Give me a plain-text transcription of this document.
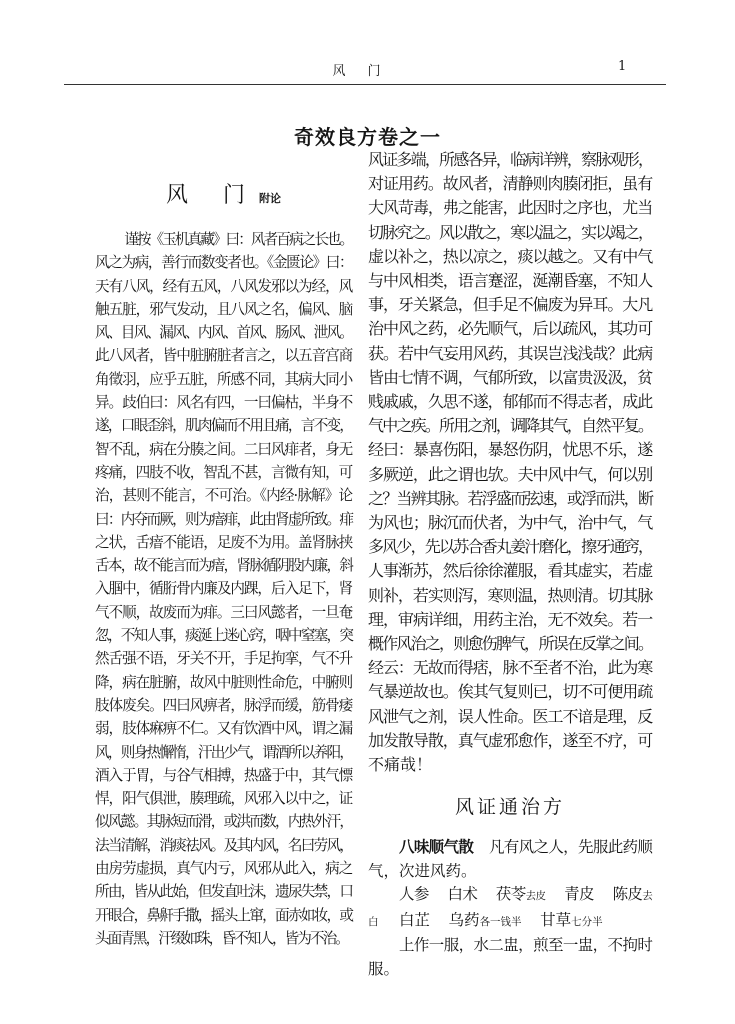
风门	1
奇效良方卷之一
风 门附论
谨按《玉机真藏》曰：风者百病之长也。
风之为病，善行而数变者也。《金匮论》曰：
天有八风，经有五风，八风发邪以为经，风
触五脏，邪气发动，且八风之名，偏风、脑
风、目风、漏风、内风、首风、肠风、泄风。
此八风者，皆中脏腑脏者言之，以五音宫商
角徵羽，应乎五脏，所感不同，其病大同小
异。歧伯曰：风名有四，一曰偏枯，半身不
遂，口眼歪斜，肌肉偏而不用且痛，言不变，
智不乱，病在分腠之间。二曰风痱者，身无
疼痛，四肢不收，智乱不甚，言微有知，可
治，甚则不能言，不可治。《内经·脉解》论
曰：内夺而厥，则为瘖痱，此由肾虚所致。痱
之状，舌瘖不能语，足废不为用。盖肾脉挟
舌本，故不能言而为瘖，肾脉循阴股内廉，斜
入腘中，循胻骨内廉及内踝，后入足下，肾
气不顺，故废而为痱。三曰风懿者，一旦奄
忽，不知人事，痰涎上迷心窍，咽中窒塞，突
然舌强不语，牙关不开，手足拘挛，气不升
降，病在脏腑，故风中脏则性命危，中腑则
肢体废矣。四曰风痹者，脉浮而缓，筋骨痿
弱，肢体痳痹不仁。又有饮酒中风，谓之漏
风，则身热懈惰，汗出少气，谓酒所以养阳，
酒入于胃，与谷气相搏，热盛于中，其气慓
悍，阳气俱泄，腠理疏，风邪入以中之，证
似风懿。其脉短而滑，或洪而数，内热外汗，
法当清解，消痰祛风。及其内风，名曰劳风，
由房劳虚损，真气内亏，风邪从此入，病之
所由，皆从此始，但发直吐沫，遗尿失禁，口
开眼合，鼻鼾手撒，摇头上窜，面赤如妆，或
头面青黑，汗缀如珠，昏不知人，皆为不治。
风证多端，所感各异，临病详辨，察脉观形，
对证用药。故风者，清静则肉腠闭拒，虽有
大风苛毒，弗之能害，此因时之序也，尤当
切脉究之。风以散之，寒以温之，实以竭之，
虚以补之，热以凉之，痰以越之。又有中气
与中风相类，语言蹇涩，涎潮昏塞，不知人
事，牙关紧急，但手足不偏废为异耳。大凡
治中风之药，必先顺气，后以疏风，其功可
获。若中气妄用风药，其误岂浅浅哉？此病
皆由七情不调，气郁所致，以富贵汲汲，贫
贱戚戚，久思不遂，郁郁而不得志者，成此
气中之疾。所用之剂，调降其气，自然平复。
经曰：暴喜伤阳，暴怒伤阴，忧思不乐，遂
多厥逆，此之谓也欤。夫中风中气，何以别
之？当辨其脉。若浮盛而弦速，或浮而洪，断
为风也；脉沉而伏者，为中气，治中气，气
多风少，先以苏合香丸姜汁磨化，擦牙通窍，
人事渐苏，然后徐徐灌服，看其虚实，若虚
则补，若实则泻，寒则温，热则清。切其脉
理，审病详细，用药主治，无不效矣。若一
概作风治之，则愈伤脾气，所误在反掌之间。
经云：无故而得痞，脉不至者不治，此为寒
气暴逆故也。俟其气复则已，切不可便用疏
风泄气之剂，误人性命。医工不谙是理，反
加发散导散，真气虚邪愈作，遂至不疗，可
不痛哉！
风证通治方
八味顺气散 凡有风之人，先服此药顺
气，次进风药。
人参 白术 茯苓去皮 青皮 陈皮去
白 白芷 乌药各一钱半 甘草七分半
上作一服，水二盅，煎至一盅，不拘时
服。
